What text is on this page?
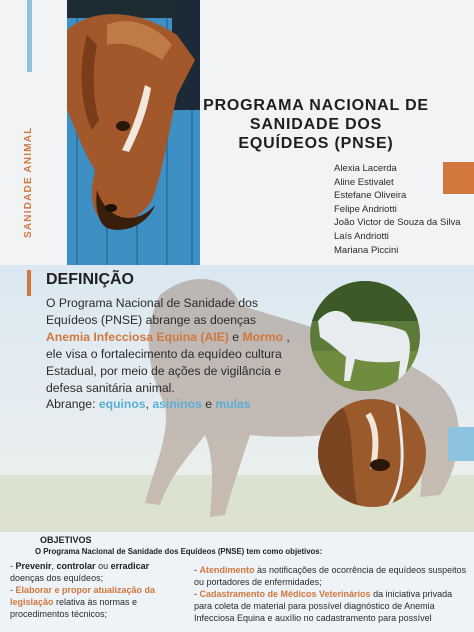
SANIDADE ANIMAL
PROGRAMA NACIONAL DE SANIDADE DOS EQUÍDEOS (PNSE)
Alexia Lacerda
Aline Estivalet
Estefane Oliveira
Felipe Andriotti
João Victor de Souza da Silva
Laís Andriotti
Mariana Piccini
DEFINIÇÃO
O Programa Nacional de Sanidade dos Equídeos (PNSE) abrange as doenças Anemia Infecciosa Equina (AIE) e Mormo , ele visa o fortalecimento da equídeo cultura Estadual, por meio de ações de vigilância e defesa sanitária animal.
Abrange: equinos, asininos e mulas
OBJETIVOS
O Programa Nacional de Sanidade dos Equídeos (PNSE) tem como objetivos:
- Prevenir, controlar ou erradicar doenças dos equídeos;
- Elaborar e propor atualização da legislação relativa às normas e procedimentos técnicos;
- Atendimento às notificações de ocorrência de equídeos suspeitos ou portadores de enfermidades;
- Cadastramento de Médicos Veterinários da iniciativa privada para coleta de material para possível diagnóstico de Anemia Infecciosa Equina e auxílio no cadastramento para possível
